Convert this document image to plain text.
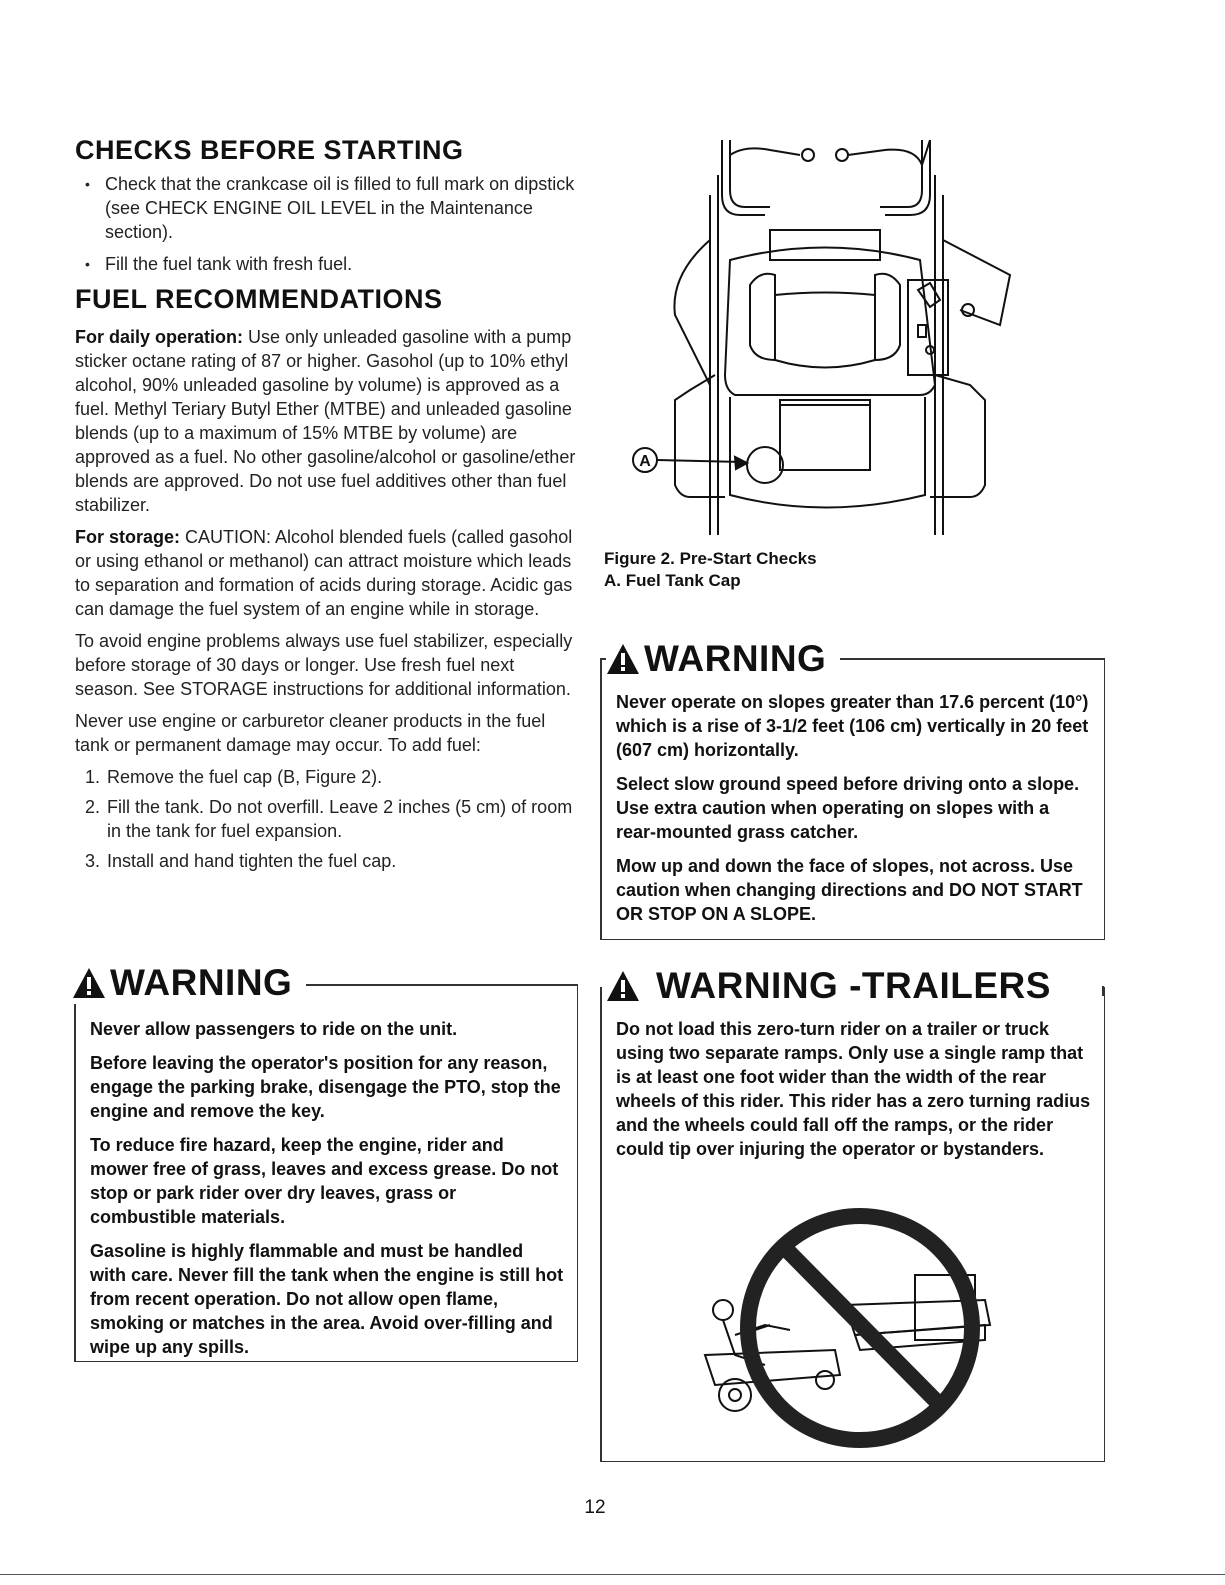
CHECKS BEFORE STARTING
• Check that the crankcase oil is filled to full mark on dipstick (see CHECK ENGINE OIL LEVEL in the Maintenance section).
• Fill the fuel tank with fresh fuel.
FUEL RECOMMENDATIONS

For daily operation: Use only unleaded gasoline with a pump sticker octane rating of 87 or higher. Gasohol (up to 10% ethyl alcohol, 90% unleaded gasoline by volume) is approved as a fuel. Methyl Teriary Butyl Ether (MTBE) and unleaded gasoline blends (up to a maximum of 15% MTBE by volume) are approved as a fuel. No other gasoline/alcohol or gasoline/ether blends are approved. Do not use fuel additives other than fuel stabilizer.

For storage: CAUTION: Alcohol blended fuels (called gasohol or using ethanol or methanol) can attract moisture which leads to separation and formation of acids during storage. Acidic gas can damage the fuel system of an engine while in storage.

To avoid engine problems always use fuel stabilizer, especially before storage of 30 days or longer. Use fresh fuel next season. See STORAGE instructions for additional information.

Never use engine or carburetor cleaner products in the fuel tank or permanent damage may occur. To add fuel:

1. Remove the fuel cap (B, Figure 2).
2. Fill the tank. Do not overfill. Leave 2 inches (5 cm) of room in the tank for fuel expansion.
3. Install and hand tighten the fuel cap.
WARNING

Never allow passengers to ride on the unit.

Before leaving the operator's position for any reason, engage the parking brake, disengage the PTO, stop the engine and remove the key.

To reduce fire hazard, keep the engine, rider and mower free of grass, leaves and excess grease. Do not stop or park rider over dry leaves, grass or combustible materials.

Gasoline is highly flammable and must be handled with care. Never fill the tank when the engine is still hot from recent operation. Do not allow open flame, smoking or matches in the area. Avoid over-filling and wipe up any spills.

A
Figure 2. Pre-Start Checks
A. Fuel Tank Cap
WARNING

Never operate on slopes greater than 17.6 percent (10°) which is a rise of 3-1/2 feet (106 cm) vertically in 20 feet (607 cm) horizontally.

Select slow ground speed before driving onto a slope. Use extra caution when operating on slopes with a rear-mounted grass catcher.

Mow up and down the face of slopes, not across. Use caution when changing directions and DO NOT START OR STOP ON A SLOPE.

WARNING -TRAILERS

Do not load this zero-turn rider on a trailer or truck using two separate ramps. Only use a single ramp that is at least one foot wider than the width of the rear wheels of this rider. This rider has a zero turning radius and the wheels could fall off the ramps, or the rider could tip over injuring the operator or bystanders.

12
